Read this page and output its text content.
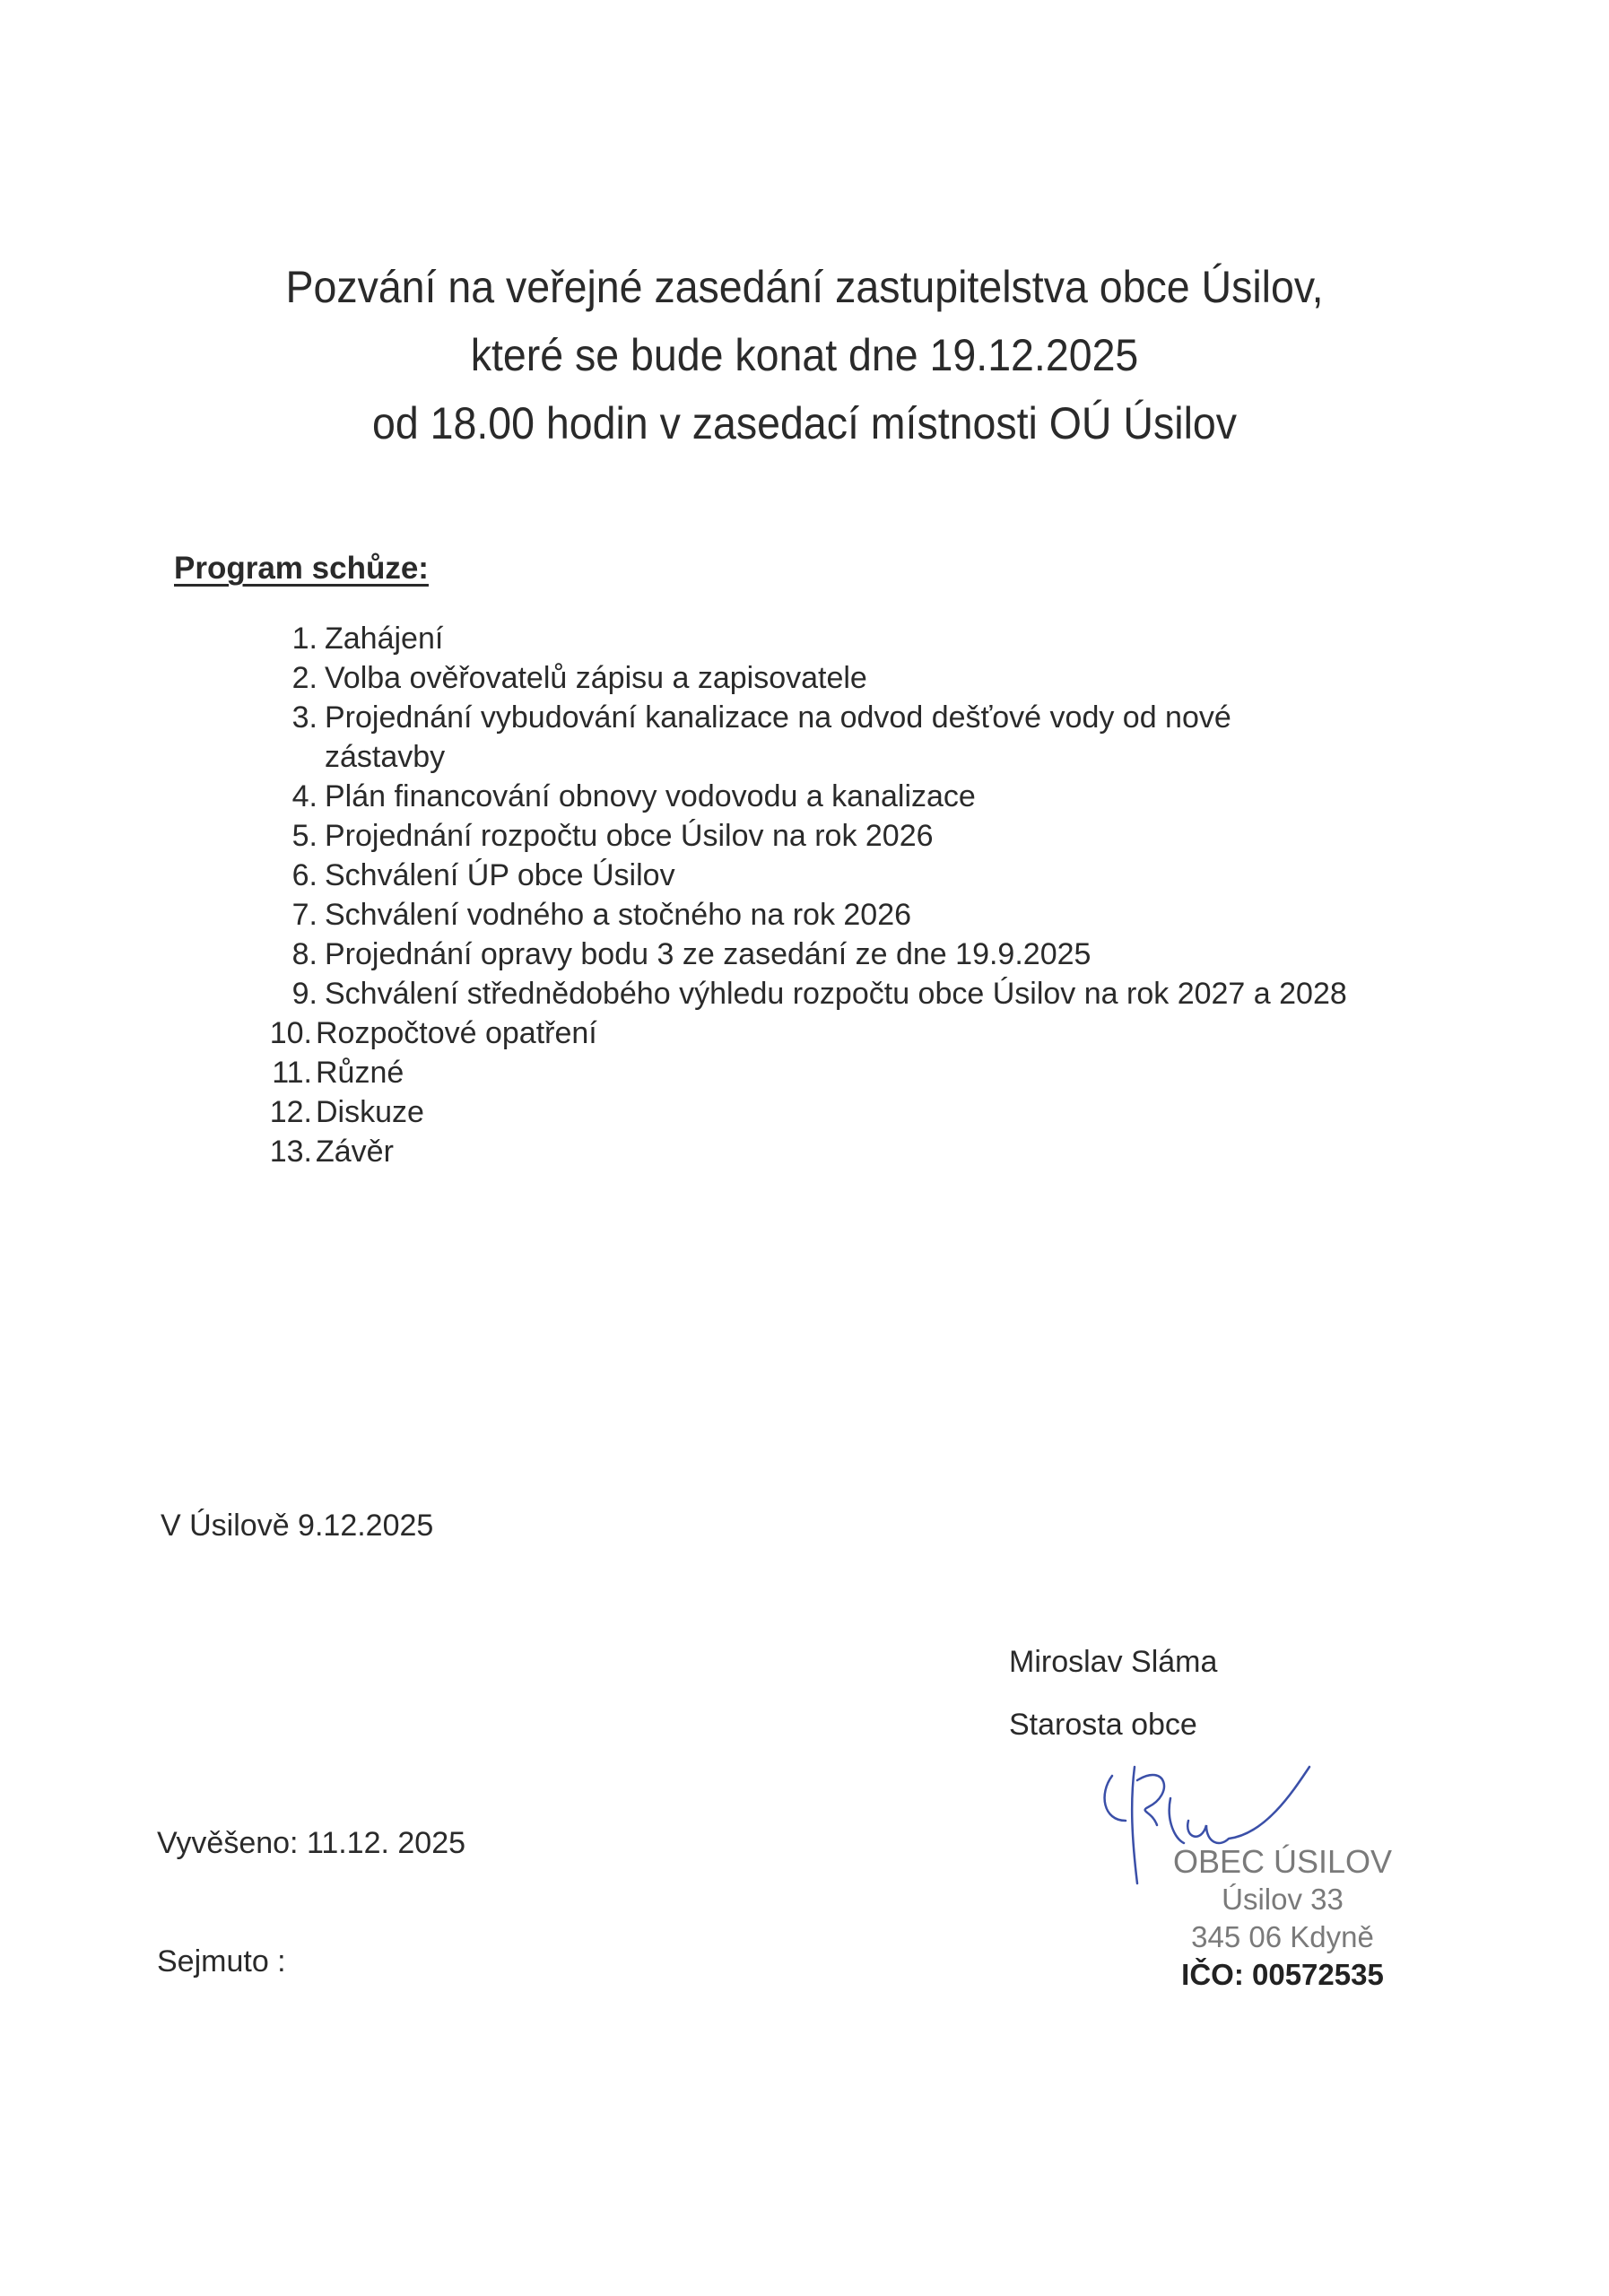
Pozvání na veřejné zasedání zastupitelstva obce Úsilov,
které se bude konat dne 19.12.2025
od 18.00 hodin v zasedací místnosti OÚ Úsilov
Program schůze:
1. Zahájení
2. Volba ověřovatelů zápisu a zapisovatele
3. Projednání vybudování kanalizace na odvod dešťové vody od nové zástavby
4. Plán financování obnovy vodovodu a kanalizace
5. Projednání rozpočtu obce Úsilov na rok 2026
6. Schválení ÚP obce Úsilov
7. Schválení vodného a stočného na rok 2026
8. Projednání opravy bodu 3 ze zasedání ze dne 19.9.2025
9. Schválení střednědobého výhledu rozpočtu obce Úsilov na rok 2027 a 2028
10. Rozpočtové opatření
11. Různé
12. Diskuze
13. Závěr
V Úsilově 9.12.2025
Miroslav Sláma
Starosta obce
Vyvěšeno: 11.12. 2025
Sejmuto :
OBEC ÚSILOV
Úsilov 33
345 06 Kdyně
IČO: 00572535
